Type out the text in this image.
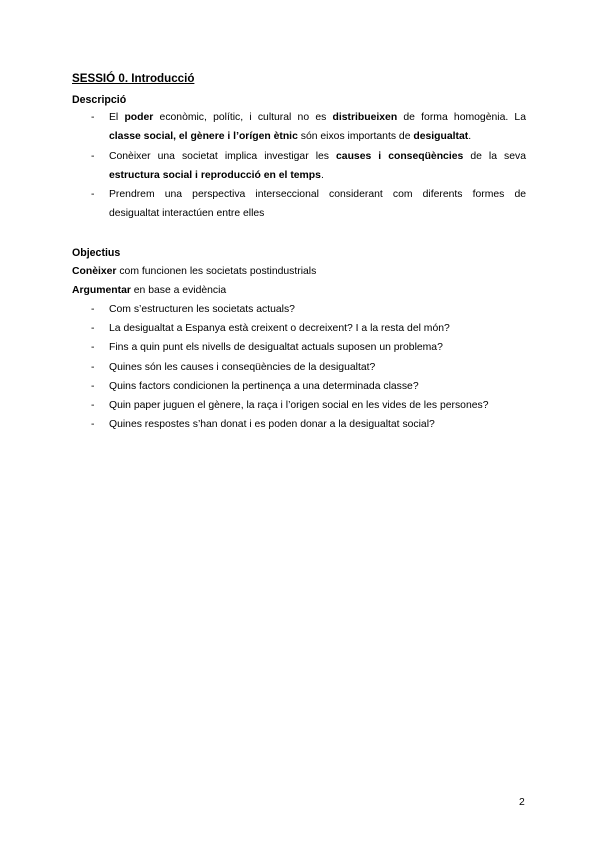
SESSIÓ 0. Introducció
Descripció
-	El poder econòmic, polític, i cultural no es distribueixen de forma homogènia. La
classe social, el gènere i l’orígen ètnic són eixos importants de desigualtat.
-	Conèixer una societat implica investigar les causes i conseqüències de la seva
estructura social i reproducció en el temps.
-	Prendrem una perspectiva interseccional considerant com diferents formes de
desigualtat interactúen entre elles
Objectius
Conèixer com funcionen les societats postindustrials
Argumentar en base a evidència
-	Com s’estructuren les societats actuals?
-	La desigualtat a Espanya està creixent o decreixent? I a la resta del món?
-	Fins a quin punt els nivells de desigualtat actuals suposen un problema?
-	Quines són les causes i conseqüències de la desigualtat?
-	Quins factors condicionen la pertinença a una determinada classe?
-	Quin paper juguen el gènere, la raça i l’origen social en les vides de les persones?
-	Quines respostes s’han donat i es poden donar a la desigualtat social?
2
